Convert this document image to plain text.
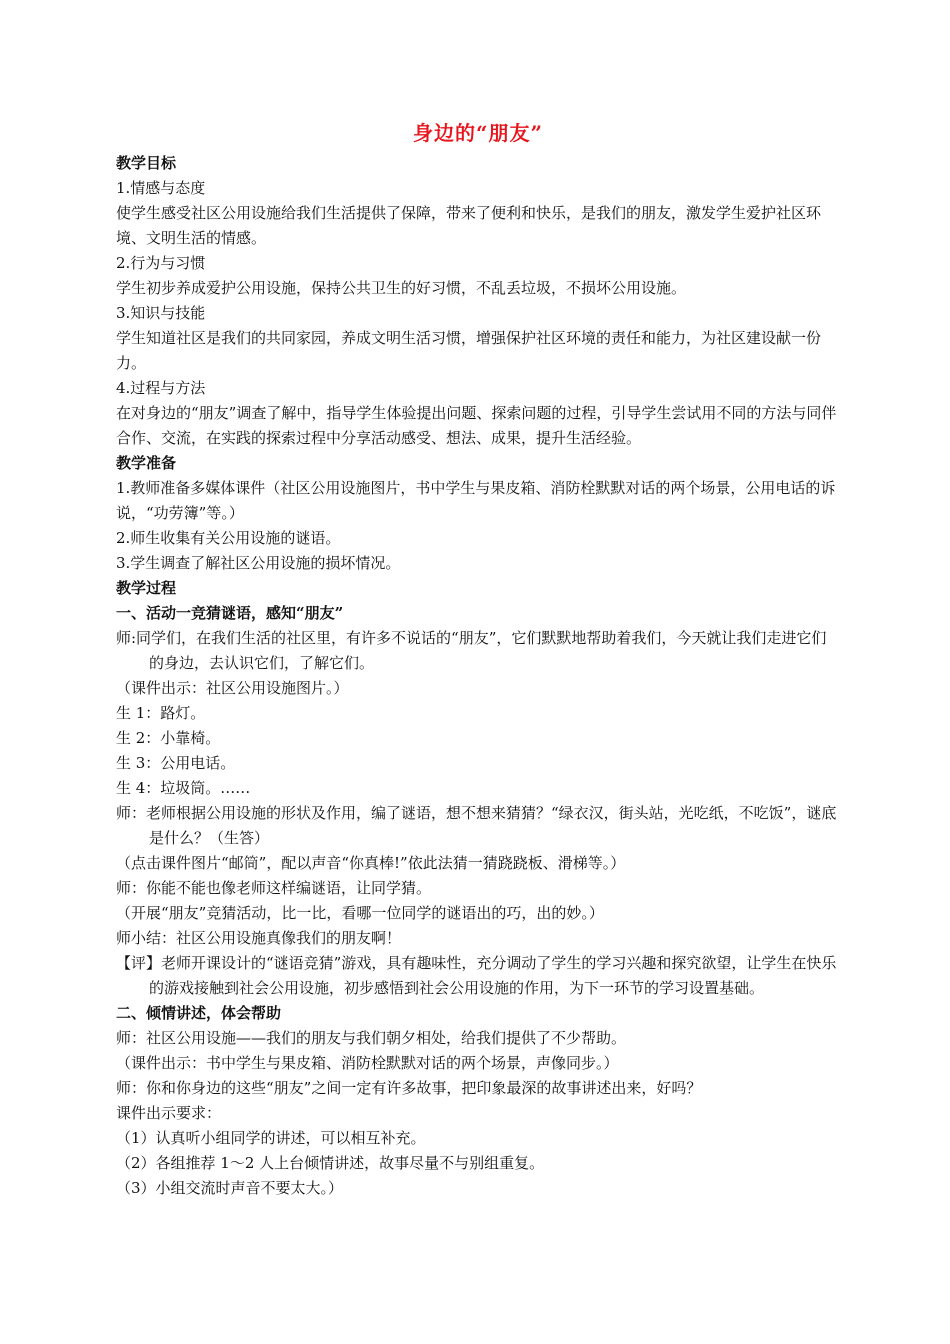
身边的“朋友”

教学目标

1.情感与态度

使学生感受社区公用设施给我们生活提供了保障，带来了便利和快乐，是我们的朋友，激发学生爱护社区环境、文明生活的情感。

2.行为与习惯

学生初步养成爱护公用设施，保持公共卫生的好习惯，不乱丢垃圾，不损坏公用设施。

3.知识与技能

学生知道社区是我们的共同家园，养成文明生活习惯，增强保护社区环境的责任和能力，为社区建设献一份力。

4.过程与方法

在对身边的“朋友”调查了解中，指导学生体验提出问题、探索问题的过程，引导学生尝试用不同的方法与同伴合作、交流，在实践的探索过程中分享活动感受、想法、成果，提升生活经验。

教学准备

1.教师准备多媒体课件（社区公用设施图片，书中学生与果皮箱、消防栓默默对话的两个场景，公用电话的诉说，“功劳簿”等。）

2.师生收集有关公用设施的谜语。

3.学生调查了解社区公用设施的损坏情况。

教学过程

一、活动一竞猜谜语，感知“朋友”

师:同学们，在我们生活的社区里，有许多不说话的“朋友”，它们默默地帮助着我们，今天就让我们走进它们的身边，去认识它们，了解它们。

（课件出示：社区公用设施图片。）

生 1：路灯。

生 2：小靠椅。

生 3：公用电话。

生 4：垃圾筒。……

师：老师根据公用设施的形状及作用，编了谜语，想不想来猜猜？“绿衣汉，街头站，光吃纸，不吃饭”，谜底是什么？（生答）

（点击课件图片“邮筒”，配以声音“你真棒!”依此法猜一猜跷跷板、滑梯等。）

师：你能不能也像老师这样编谜语，让同学猜。

（开展“朋友”竞猜活动，比一比，看哪一位同学的谜语出的巧，出的妙。）

师小结：社区公用设施真像我们的朋友啊！

【评】老师开课设计的“谜语竞猜”游戏，具有趣味性，充分调动了学生的学习兴趣和探究欲望，让学生在快乐的游戏接触到社会公用设施，初步感悟到社会公用设施的作用，为下一环节的学习设置基础。

二、倾情讲述，体会帮助

师：社区公用设施——我们的朋友与我们朝夕相处，给我们提供了不少帮助。

（课件出示：书中学生与果皮箱、消防栓默默对话的两个场景，声像同步。）

师：你和你身边的这些“朋友”之间一定有许多故事，把印象最深的故事讲述出来，好吗？

课件出示要求：

（1）认真听小组同学的讲述，可以相互补充。

（2）各组推荐 1～2 人上台倾情讲述，故事尽量不与别组重复。

（3）小组交流时声音不要太大。）
